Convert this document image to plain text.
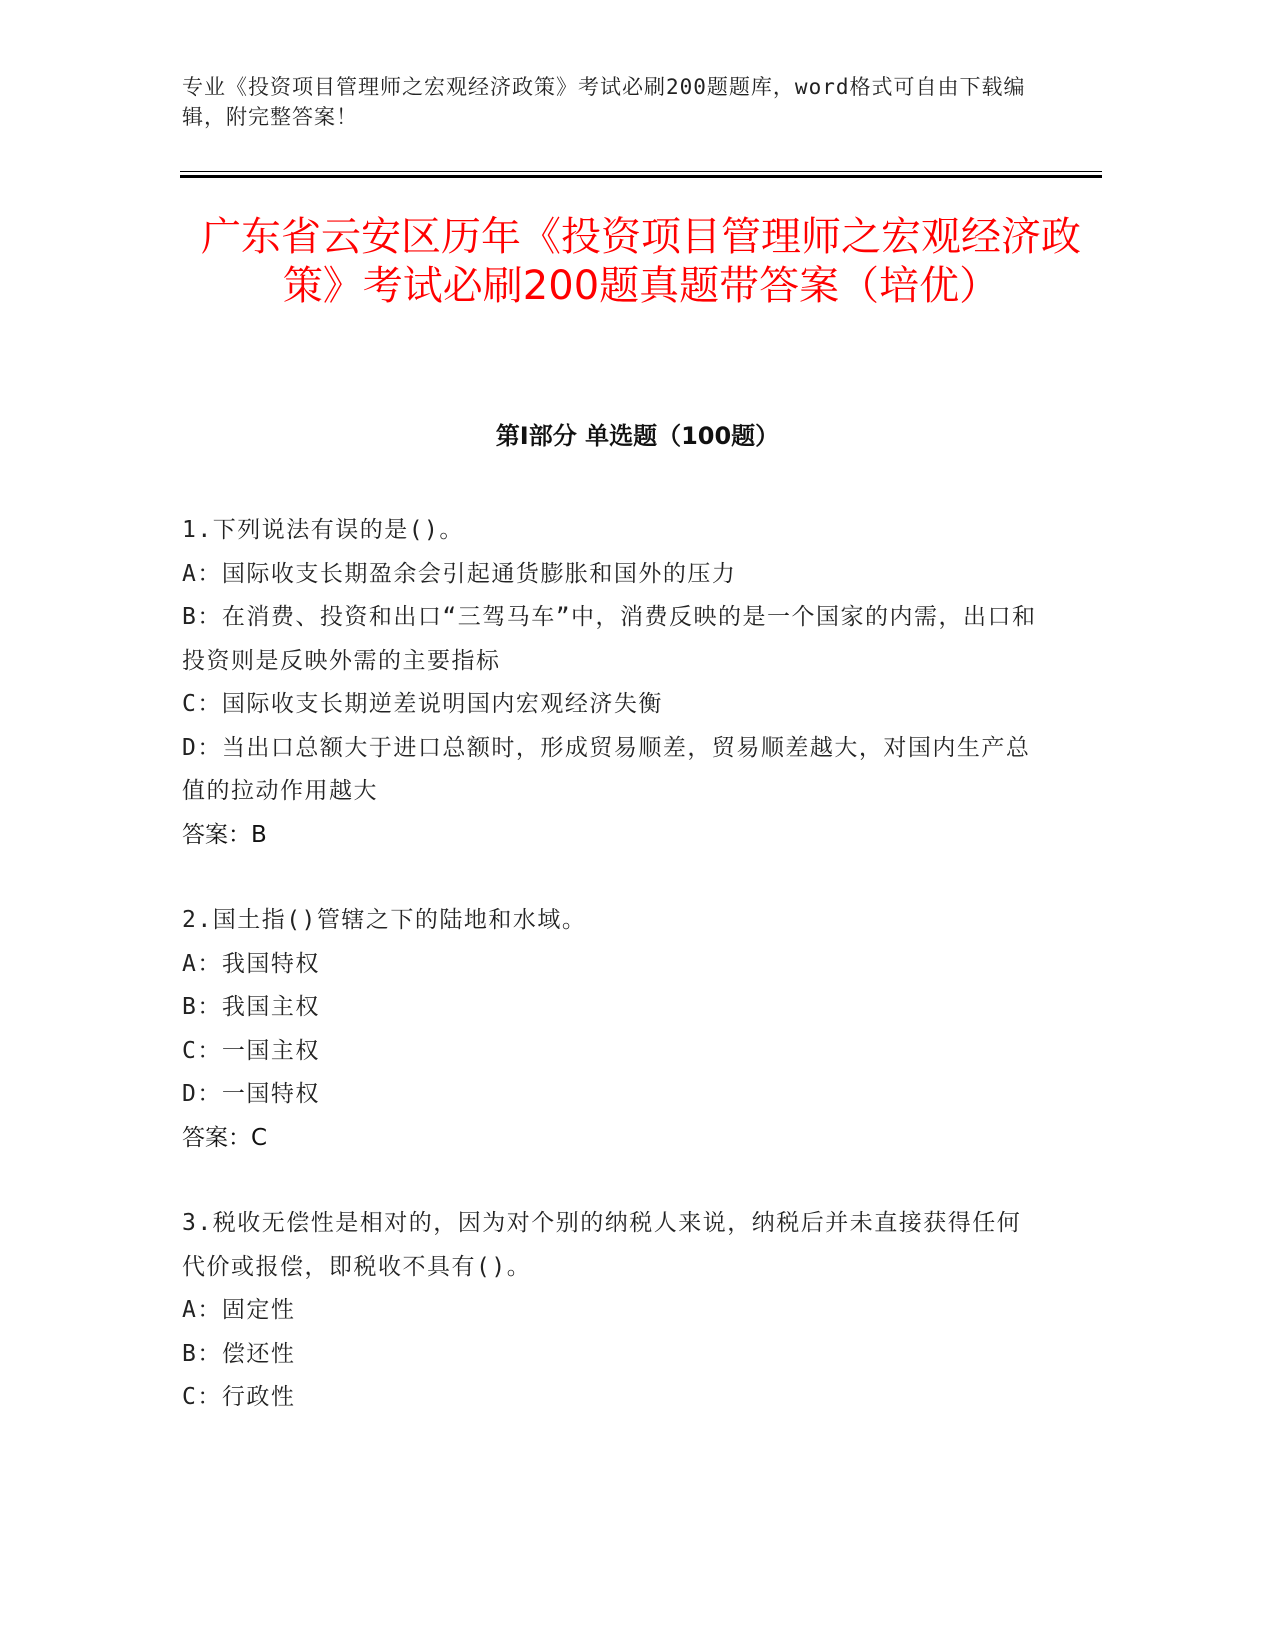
专业《投资项目管理师之宏观经济政策》考试必刷200题题库，word格式可自由下载编辑，附完整答案！
广东省云安区历年《投资项目管理师之宏观经济政策》考试必刷200题真题带答案（培优）
第I部分 单选题（100题）

1.下列说法有误的是()。

A：国际收支长期盈余会引起通货膨胀和国外的压力

B：在消费、投资和出口“三驾马车”中，消费反映的是一个国家的内需，出口和投资则是反映外需的主要指标

C：国际收支长期逆差说明国内宏观经济失衡

D：当出口总额大于进口总额时，形成贸易顺差，贸易顺差越大，对国内生产总值的拉动作用越大

答案：B

2.国土指()管辖之下的陆地和水域。

A：我国特权

B：我国主权

C：一国主权

D：一国特权

答案：C

3.税收无偿性是相对的，因为对个别的纳税人来说，纳税后并未直接获得任何代价或报偿，即税收不具有()。

A：固定性

B：偿还性

C：行政性
